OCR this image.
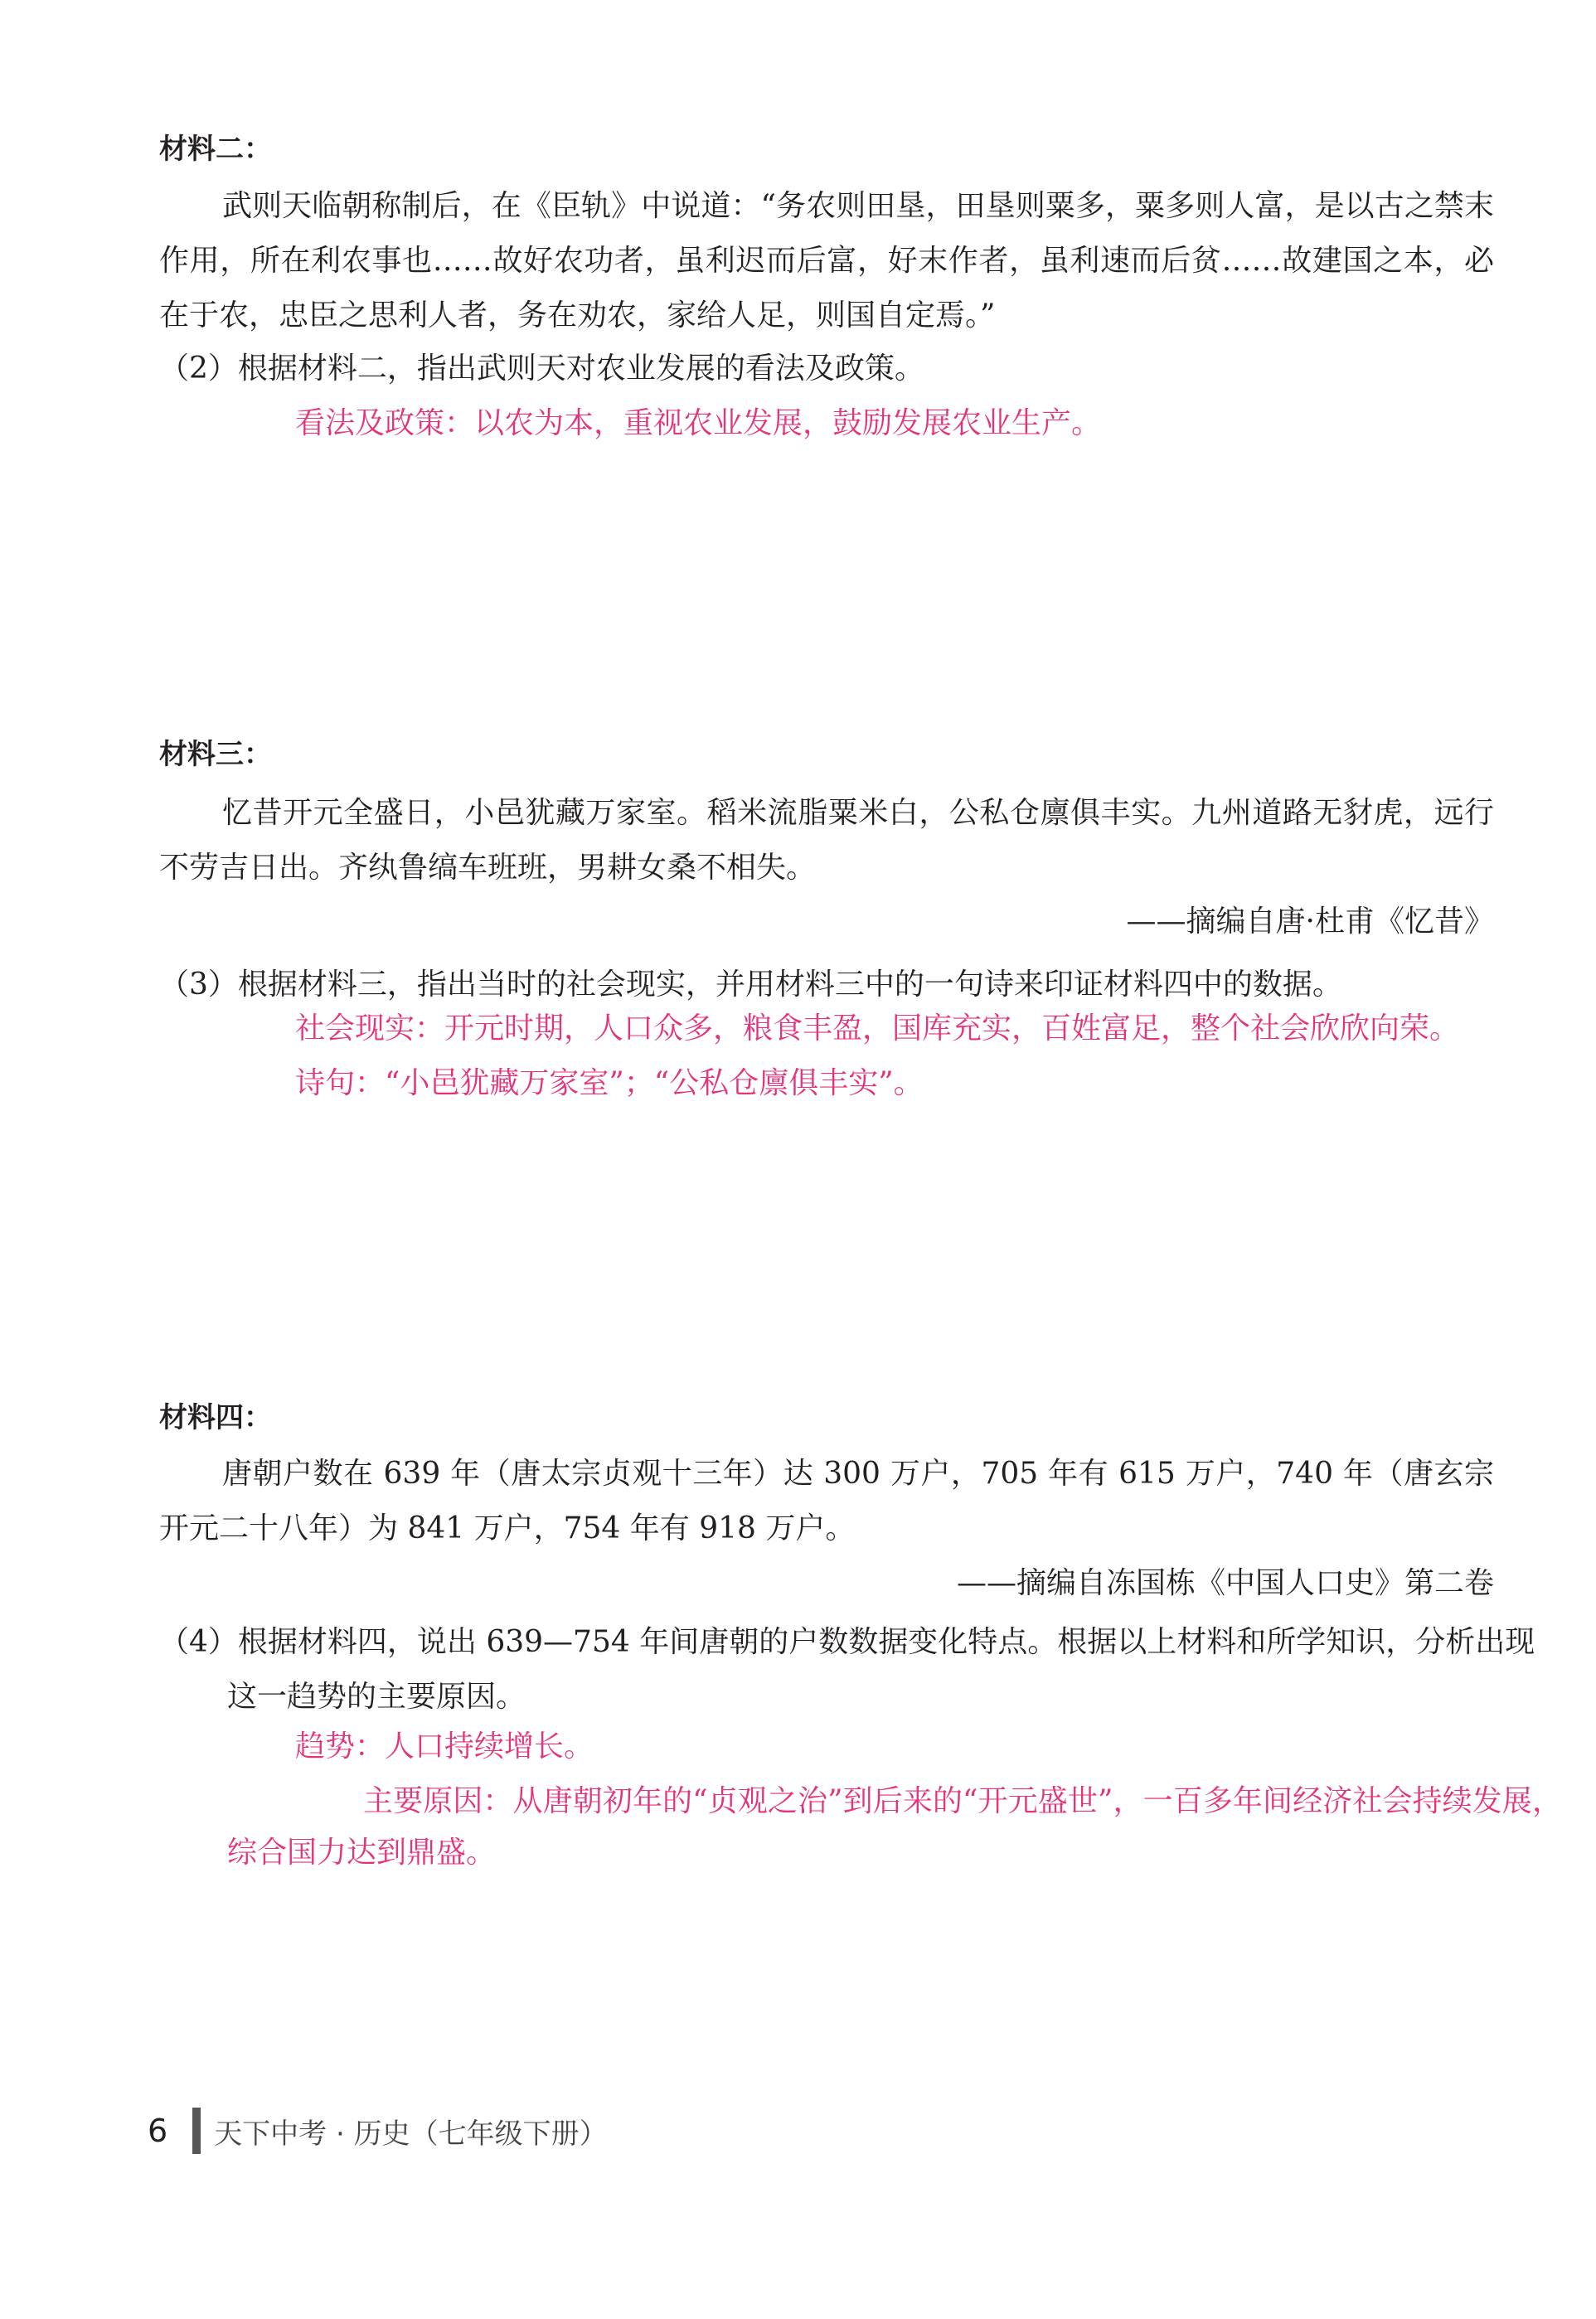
材料二：

武则天临朝称制后，在《臣轨》中说道：“务农则田垦，田垦则粟多，粟多则人富，是以古之禁末作用，所在利农事也……故好农功者，虽利迟而后富，好末作者，虽利速而后贫……故建国之本，必在于农，忠臣之思利人者，务在劝农，家给人足，则国自定焉。”

（2）根据材料二，指出武则天对农业发展的看法及政策。
看法及政策：以农为本，重视农业发展，鼓励发展农业生产。
材料三：

忆昔开元全盛日，小邑犹藏万家室。稻米流脂粟米白，公私仓廪俱丰实。九州道路无豺虎，远行不劳吉日出。齐纨鲁缟车班班，男耕女桑不相失。

——摘编自唐·杜甫《忆昔》
（3）根据材料三，指出当时的社会现实，并用材料三中的一句诗来印证材料四中的数据。
社会现实：开元时期，人口众多，粮食丰盈，国库充实，百姓富足，整个社会欣欣向荣。
诗句：“小邑犹藏万家室”；“公私仓廪俱丰实”。
材料四：

唐朝户数在 639 年（唐太宗贞观十三年）达 300 万户，705 年有 615 万户，740 年（唐玄宗开元二十八年）为 841 万户，754 年有 918 万户。

——摘编自冻国栋《中国人口史》第二卷
（4）根据材料四，说出 639—754 年间唐朝的户数数据变化特点。根据以上材料和所学知识，分析出现这一趋势的主要原因。
趋势：人口持续增长。
主要原因：从唐朝初年的“贞观之治”到后来的“开元盛世”，一百多年间经济社会持续发展，综合国力达到鼎盛。
6 天下中考 · 历史（七年级下册）
